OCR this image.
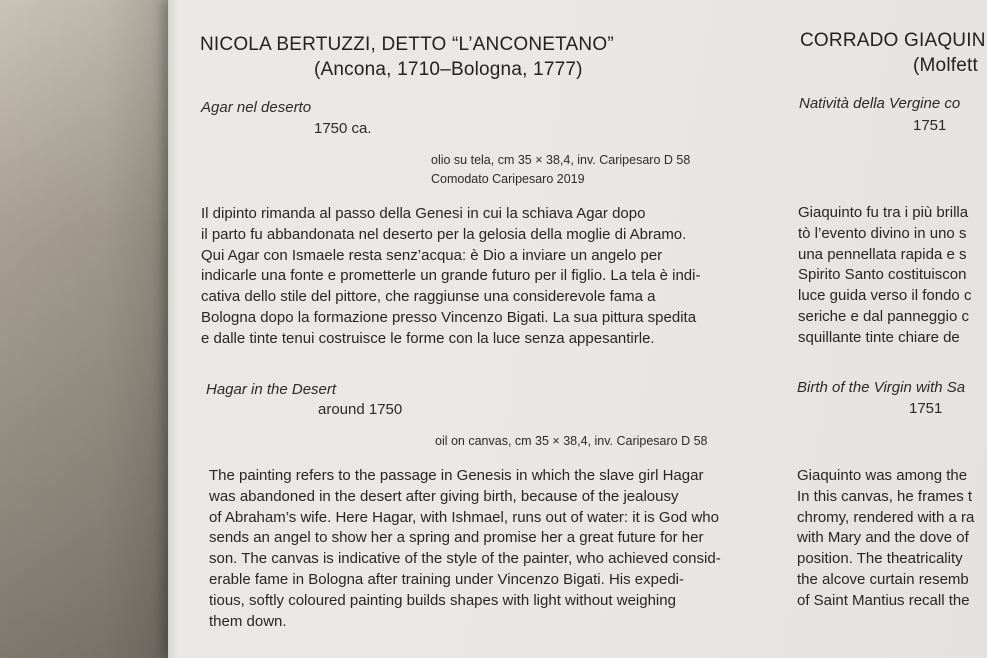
NICOLA BERTUZZI, DETTO “L’ANCONETANO”
(Ancona, 1710–Bologna, 1777)
Agar nel deserto
1750 ca.
olio su tela, cm 35 × 38,4, inv. Caripesaro D 58
Comodato Caripesaro 2019
Il dipinto rimanda al passo della Genesi in cui la schiava Agar dopo
il parto fu abbandonata nel deserto per la gelosia della moglie di Abramo.
Qui Agar con Ismaele resta senz’acqua: è Dio a inviare un angelo per
indicarle una fonte e prometterle un grande futuro per il figlio. La tela è indi-
cativa dello stile del pittore, che raggiunse una considerevole fama a
Bologna dopo la formazione presso Vincenzo Bigati. La sua pittura spedita
e dalle tinte tenui costruisce le forme con la luce senza appesantirle.
Hagar in the Desert
around 1750
oil on canvas, cm 35 × 38,4, inv. Caripesaro D 58
The painting refers to the passage in Genesis in which the slave girl Hagar
was abandoned in the desert after giving birth, because of the jealousy
of Abraham’s wife. Here Hagar, with Ishmael, runs out of water: it is God who
sends an angel to show her a spring and promise her a great future for her
son. The canvas is indicative of the style of the painter, who achieved consid-
erable fame in Bologna after training under Vincenzo Bigati. His expedi-
tious, softly coloured painting builds shapes with light without weighing
them down.
CORRADO GIAQUIN
(Molfett
Natività della Vergine co
1751
Giaquinto fu tra i più brilla
tò l’evento divino in uno s
una pennellata rapida e s
Spirito Santo costituiscon
luce guida verso il fondo c
seriche e dal panneggio c
squillante tinte chiare de
Birth of the Virgin with Sa
1751
Giaquinto was among the
In this canvas, he frames t
chromy, rendered with a ra
with Mary and the dove of
position. The theatricality
the alcove curtain resemb
of Saint Mantius recall the
